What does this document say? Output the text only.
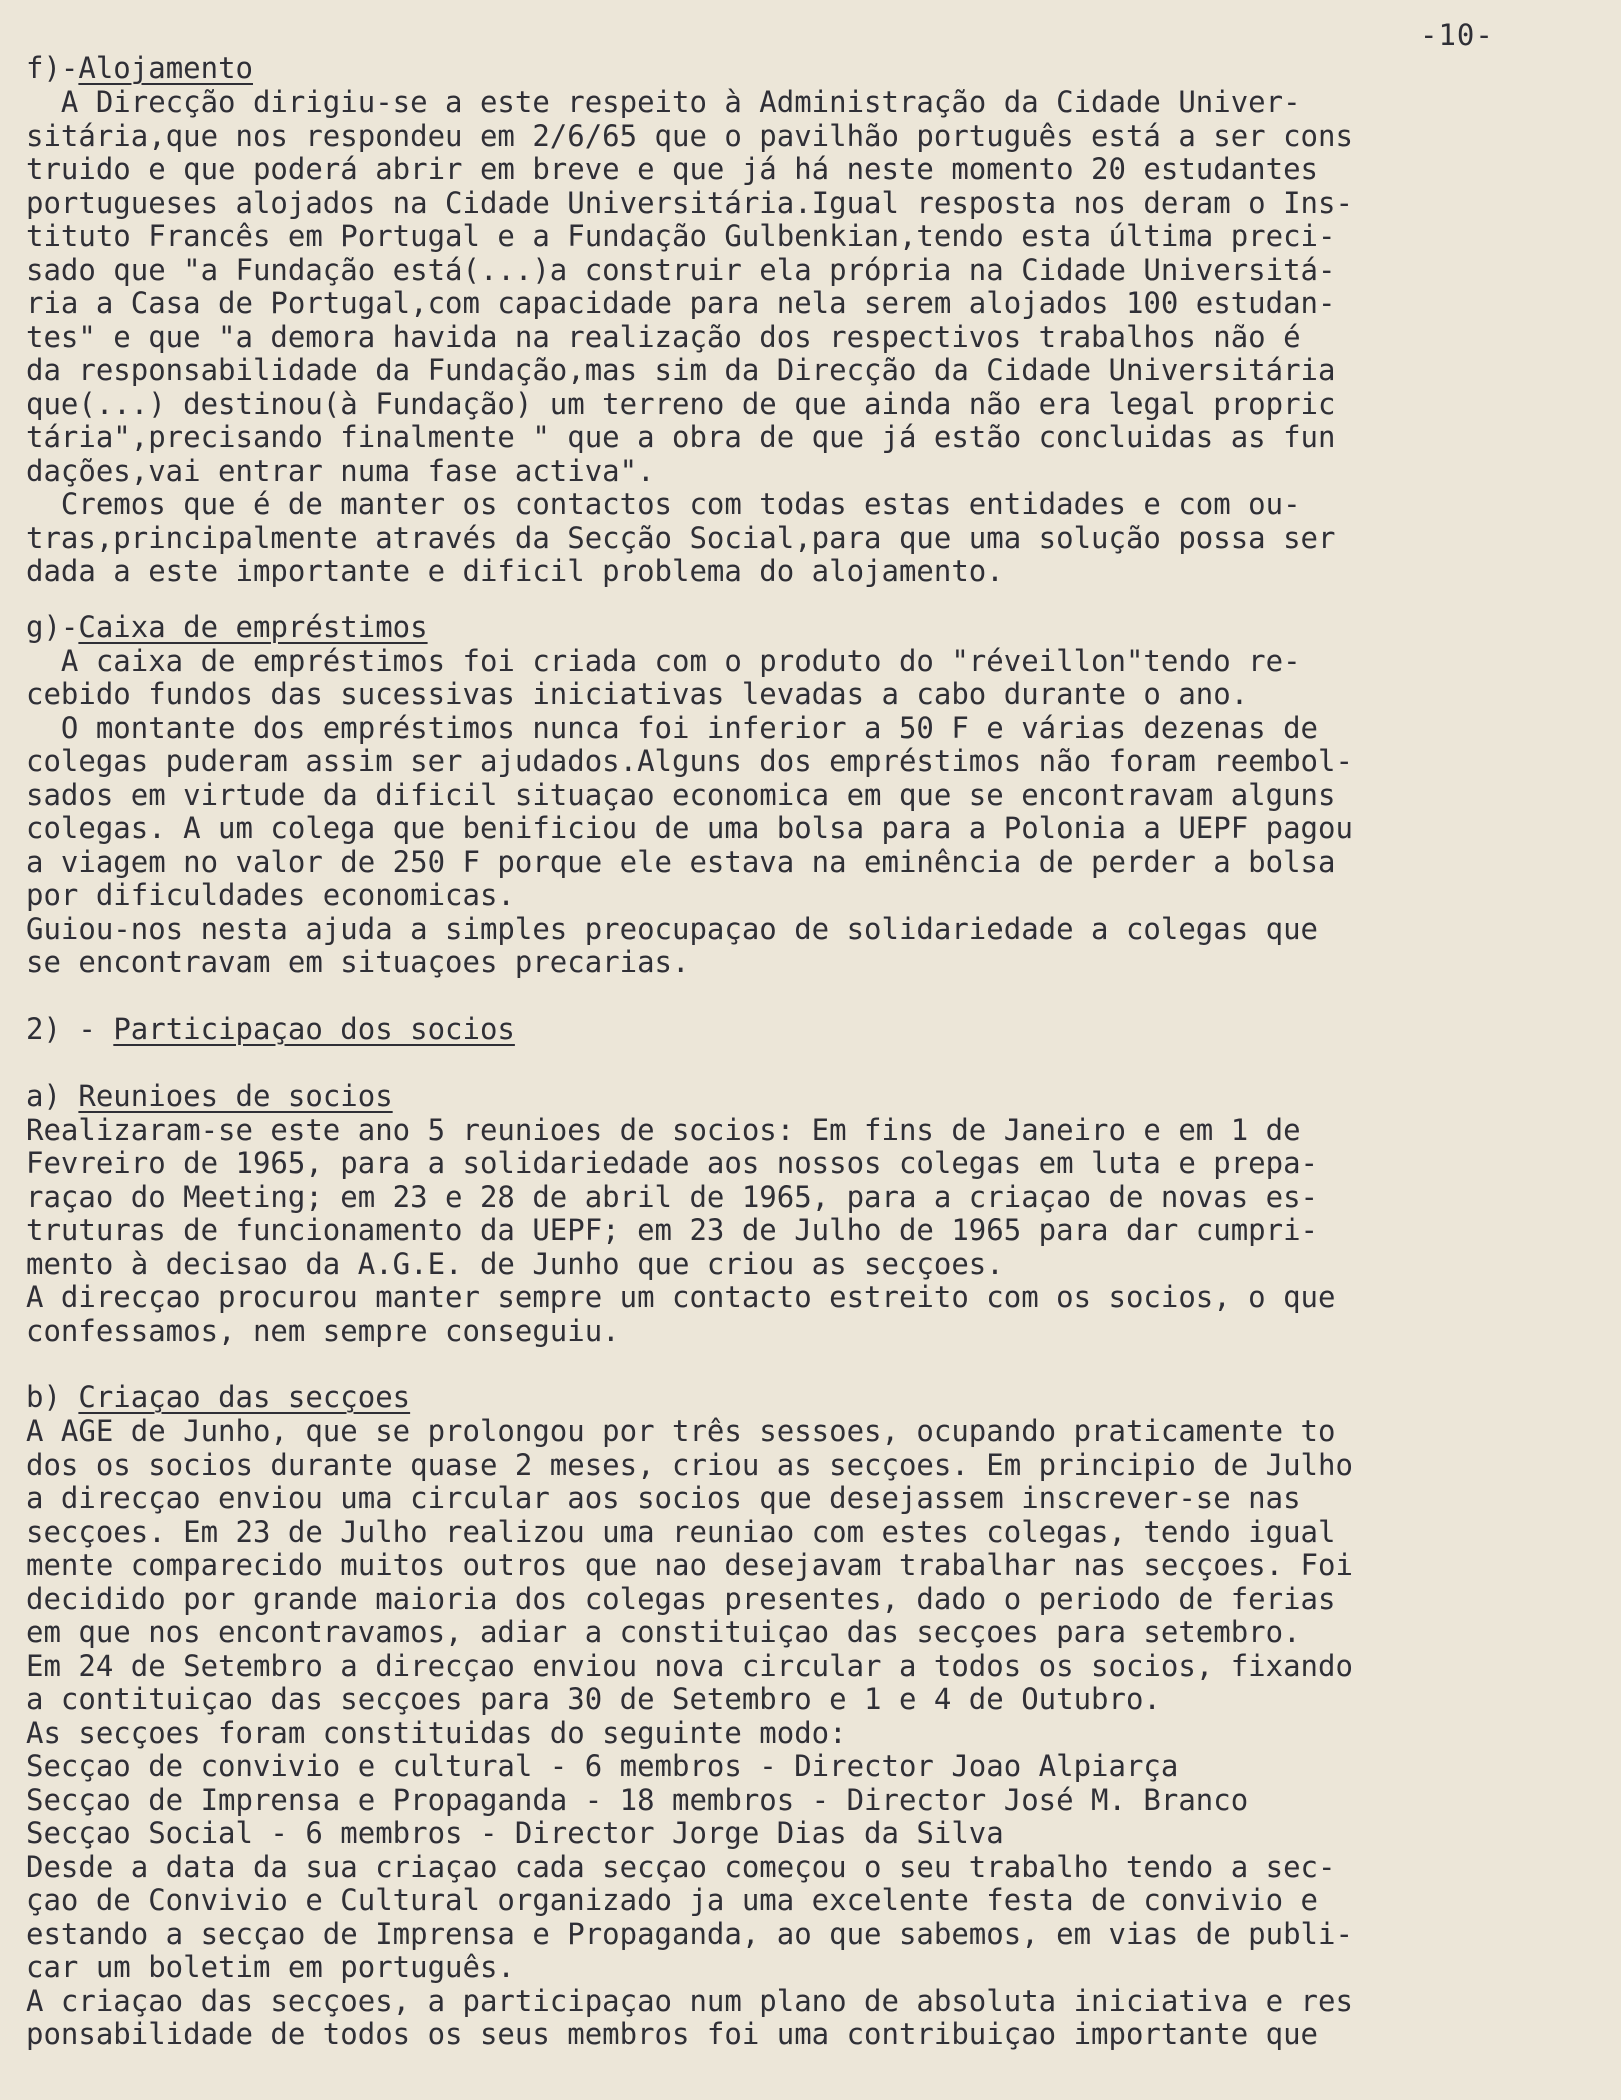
-10-
f)-Alojamento
A Direcção dirigiu-se a este respeito à Administração da Cidade Univer-
sitária,que nos respondeu em 2/6/65 que o pavilhão português está a ser cons
truido e que poderá abrir em breve e que já há neste momento 20 estudantes
portugueses alojados na Cidade Universitária.Igual resposta nos deram o Ins-
tituto Francês em Portugal e a Fundação Gulbenkian,tendo esta última preci-
sado que "a Fundação está(...)a construir ela própria na Cidade Universitá-
ria a Casa de Portugal,com capacidade para nela serem alojados 100 estudan-
tes" e que "a demora havida na realização dos respectivos trabalhos não é
da responsabilidade da Fundação,mas sim da Direcção da Cidade Universitária
que(...) destinou(à Fundação) um terreno de que ainda não era legal propric
tária",precisando finalmente " que a obra de que já estão concluidas as fun
dações,vai entrar numa fase activa".
Cremos que é de manter os contactos com todas estas entidades e com ou-
tras,principalmente através da Secção Social,para que uma solução possa ser
dada a este importante e dificil problema do alojamento.
g)-Caixa de empréstimos
A caixa de empréstimos foi criada com o produto do "réveillon"tendo re-
cebido fundos das sucessivas iniciativas levadas a cabo durante o ano.
O montante dos empréstimos nunca foi inferior a 50 F e várias dezenas de
colegas puderam assim ser ajudados.Alguns dos empréstimos não foram reembol-
sados em virtude da dificil situaçao economica em que se encontravam alguns
colegas. A um colega que benificiou de uma bolsa para a Polonia a UEPF pagou
a viagem no valor de 250 F porque ele estava na eminência de perder a bolsa
por dificuldades economicas.
Guiou-nos nesta ajuda a simples preocupaçao de solidariedade a colegas que
se encontravam em situaçoes precarias.
2) - Participaçao dos socios
a) Reunioes de socios
Realizaram-se este ano 5 reunioes de socios: Em fins de Janeiro e em 1 de
Fevreiro de 1965, para a solidariedade aos nossos colegas em luta e prepa-
raçao do Meeting; em 23 e 28 de abril de 1965, para a criaçao de novas es-
truturas de funcionamento da UEPF; em 23 de Julho de 1965 para dar cumpri-
mento à decisao da A.G.E. de Junho que criou as secçoes.
A direcçao procurou manter sempre um contacto estreito com os socios, o que
confessamos, nem sempre conseguiu.
b) Criaçao das secçoes
A AGE de Junho, que se prolongou por três sessoes, ocupando praticamente to
dos os socios durante quase 2 meses, criou as secçoes. Em principio de Julho
a direcçao enviou uma circular aos socios que desejassem inscrever-se nas
secçoes. Em 23 de Julho realizou uma reuniao com estes colegas, tendo igual
mente comparecido muitos outros que nao desejavam trabalhar nas secçoes. Foi
decidido por grande maioria dos colegas presentes, dado o periodo de ferias
em que nos encontravamos, adiar a constituiçao das secçoes para setembro.
Em 24 de Setembro a direcçao enviou nova circular a todos os socios, fixando
a contituiçao das secçoes para 30 de Setembro e 1 e 4 de Outubro.
As secçoes foram constituidas do seguinte modo:
Secçao de convivio e cultural - 6 membros - Director Joao Alpiarça
Secçao de Imprensa e Propaganda - 18 membros - Director José M. Branco
Secçao Social - 6 membros - Director Jorge Dias da Silva
Desde a data da sua criaçao cada secçao começou o seu trabalho tendo a sec-
çao de Convivio e Cultural organizado ja uma excelente festa de convivio e
estando a secçao de Imprensa e Propaganda, ao que sabemos, em vias de publi-
car um boletim em português.
A criaçao das secçoes, a participaçao num plano de absoluta iniciativa e res
ponsabilidade de todos os seus membros foi uma contribuiçao importante que
